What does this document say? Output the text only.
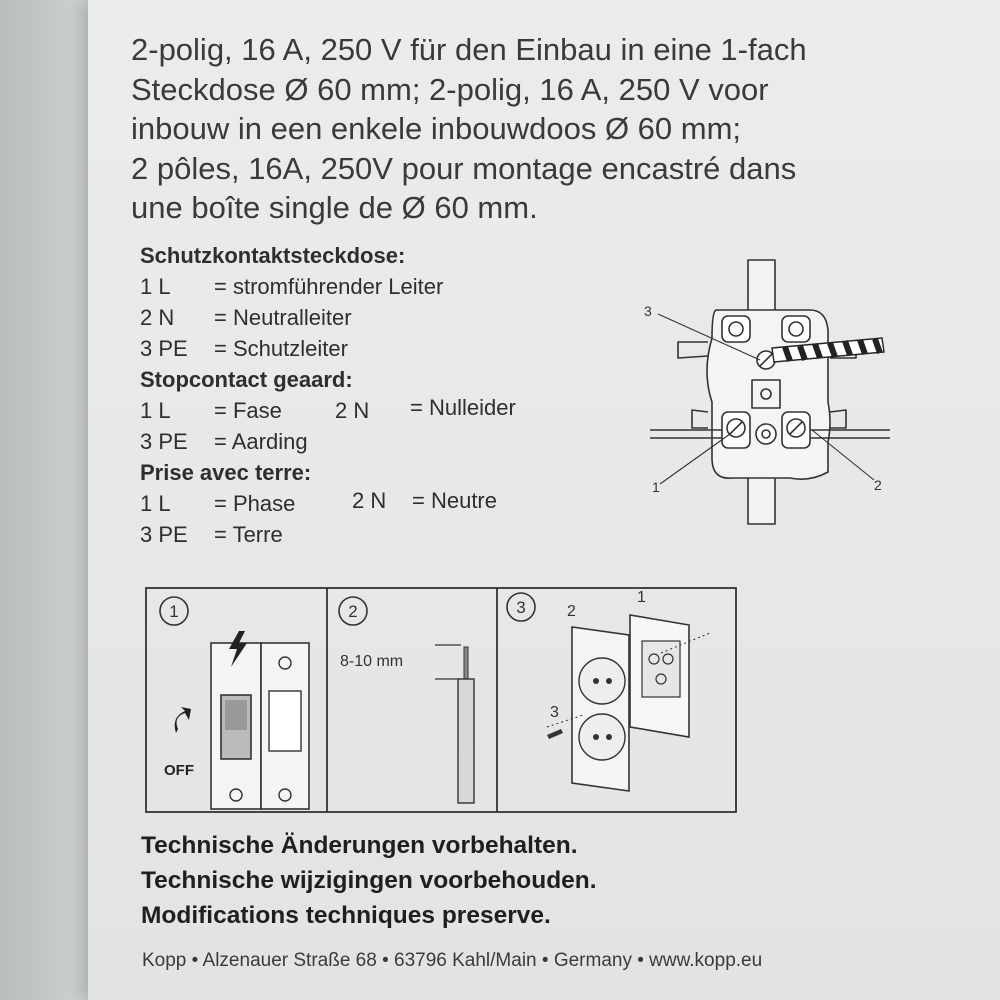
2-polig, 16 A, 250 V für den Einbau in eine 1-fach
Steckdose Ø 60 mm; 2-polig, 16 A, 250 V voor
inbouw in een enkele inbouwdoos Ø 60 mm;
2 pôles, 16A, 250V pour montage encastré dans
une boîte single de Ø 60 mm.
Schutzkontaktsteckdose:
1 L = stromführender Leiter
2 N = Neutralleiter
3 PE = Schutzleiter
Stopcontact geaard:
1 L = Fase 2 N = Nulleider
3 PE = Aarding
Prise avec terre:
1 L = Phase	2 N = Neutre
3 PE = Terre
3
1	2
1
OFF
2
8-10 mm
3	2
1
3
Technische Änderungen vorbehalten.
Technische wijzigingen voorbehouden.
Modifications techniques preserve.
Kopp • Alzenauer Straße 68 • 63796 Kahl/Main • Germany • www.kopp.eu
